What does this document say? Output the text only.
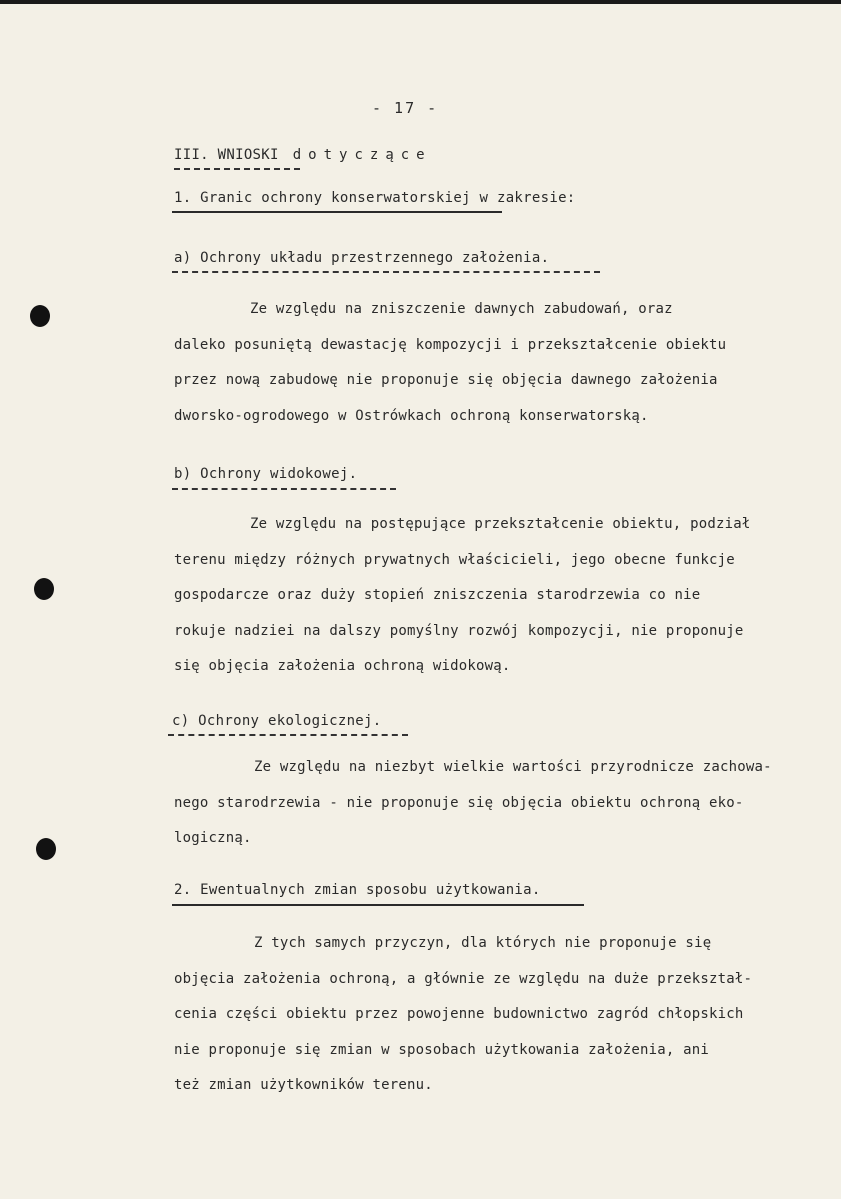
- 17 -
III. WNIOSKI dotyczące
1. Granic ochrony konserwatorskiej w zakresie:
a) Ochrony układu przestrzennego założenia.
Ze względu na zniszczenie dawnych zabudowań, oraz
daleko posuniętą dewastację kompozycji i przekształcenie obiektu
przez nową zabudowę nie proponuje się objęcia dawnego założenia
dworsko-ogrodowego w Ostrówkach ochroną konserwatorską.
b) Ochrony widokowej.
Ze względu na postępujące przekształcenie obiektu, podział
terenu między różnych prywatnych właścicieli, jego obecne funkcje
gospodarcze oraz duży stopień zniszczenia starodrzewia co nie
rokuje nadziei na dalszy pomyślny rozwój kompozycji, nie proponuje
się objęcia założenia ochroną widokową.
c) Ochrony ekologicznej.
Ze względu na niezbyt wielkie wartości przyrodnicze zachowa-
nego starodrzewia - nie proponuje się objęcia obiektu ochroną eko-
logiczną.
2. Ewentualnych zmian sposobu użytkowania.
Z tych samych przyczyn, dla których nie proponuje się
objęcia założenia ochroną, a głównie ze względu na duże przekształ-
cenia części obiektu przez powojenne budownictwo zagród chłopskich
nie proponuje się zmian w sposobach użytkowania założenia, ani
też zmian użytkowników terenu.
